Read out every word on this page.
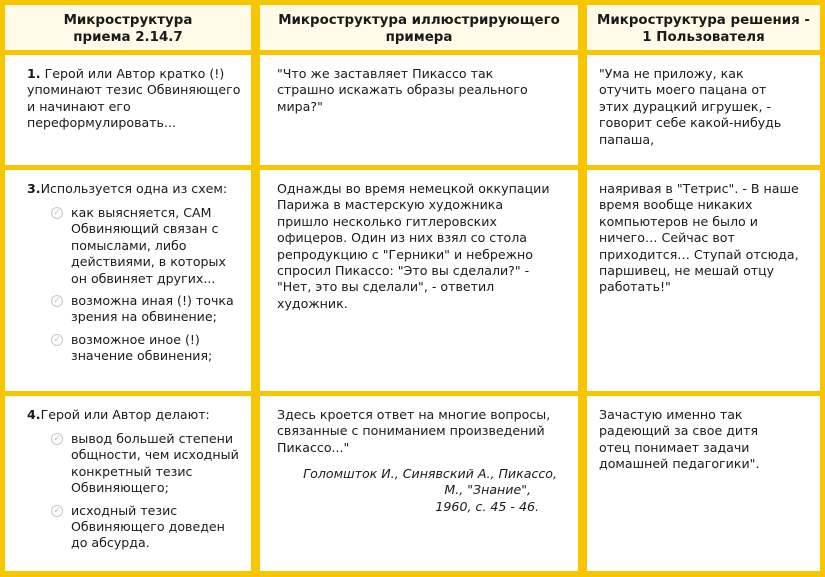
Микроструктура приема 2.14.7
Микроструктура иллюстрирующего примера
Микроструктура решения - 1 Пользователя
1. Герой или Автор кратко (!) упоминают тезис Обвиняющего и начинают его переформулировать...
"Что же заставляет Пикассо так страшно искажать образы реального мира?"
"Ума не приложу, как отучить моего пацана от этих дурацкий игрушек, - говорит себе какой-нибудь папаша,
3.Используется одна из схем:
✓ как выясняется, САМ Обвиняющий связан с помыслами, либо действиями, в которых он обвиняет других...
✓ возможна иная (!) точка зрения на обвинение;
✓ возможное иное (!) значение обвинения;
Однажды во время немецкой оккупации Парижа в мастерскую художника пришло несколько гитлеровских офицеров. Один из них взял со стола репродукцию с "Герники" и небрежно спросил Пикассо: "Это вы сделали?" - "Нет, это вы сделали", - ответил художник.
наяривая в "Тетрис". - В наше время вообще никаких компьютеров не было и ничего… Сейчас вот приходится… Ступай отсюда, паршивец, не мешай отцу работать!"
4.Герой или Автор делают:
✓ вывод большей степени общности, чем исходный конкретный тезис Обвиняющего;
✓ исходный тезис Обвиняющего доведен до абсурда.
Здесь кроется ответ на многие вопросы, связанные с пониманием произведений Пикассо..."
Голомшток И., Синявский А., Пикассо,
М., "Знание",
1960, с. 45 - 46.
Зачастую именно так радеющий за свое дитя отец понимает задачи домашней педагогики".
